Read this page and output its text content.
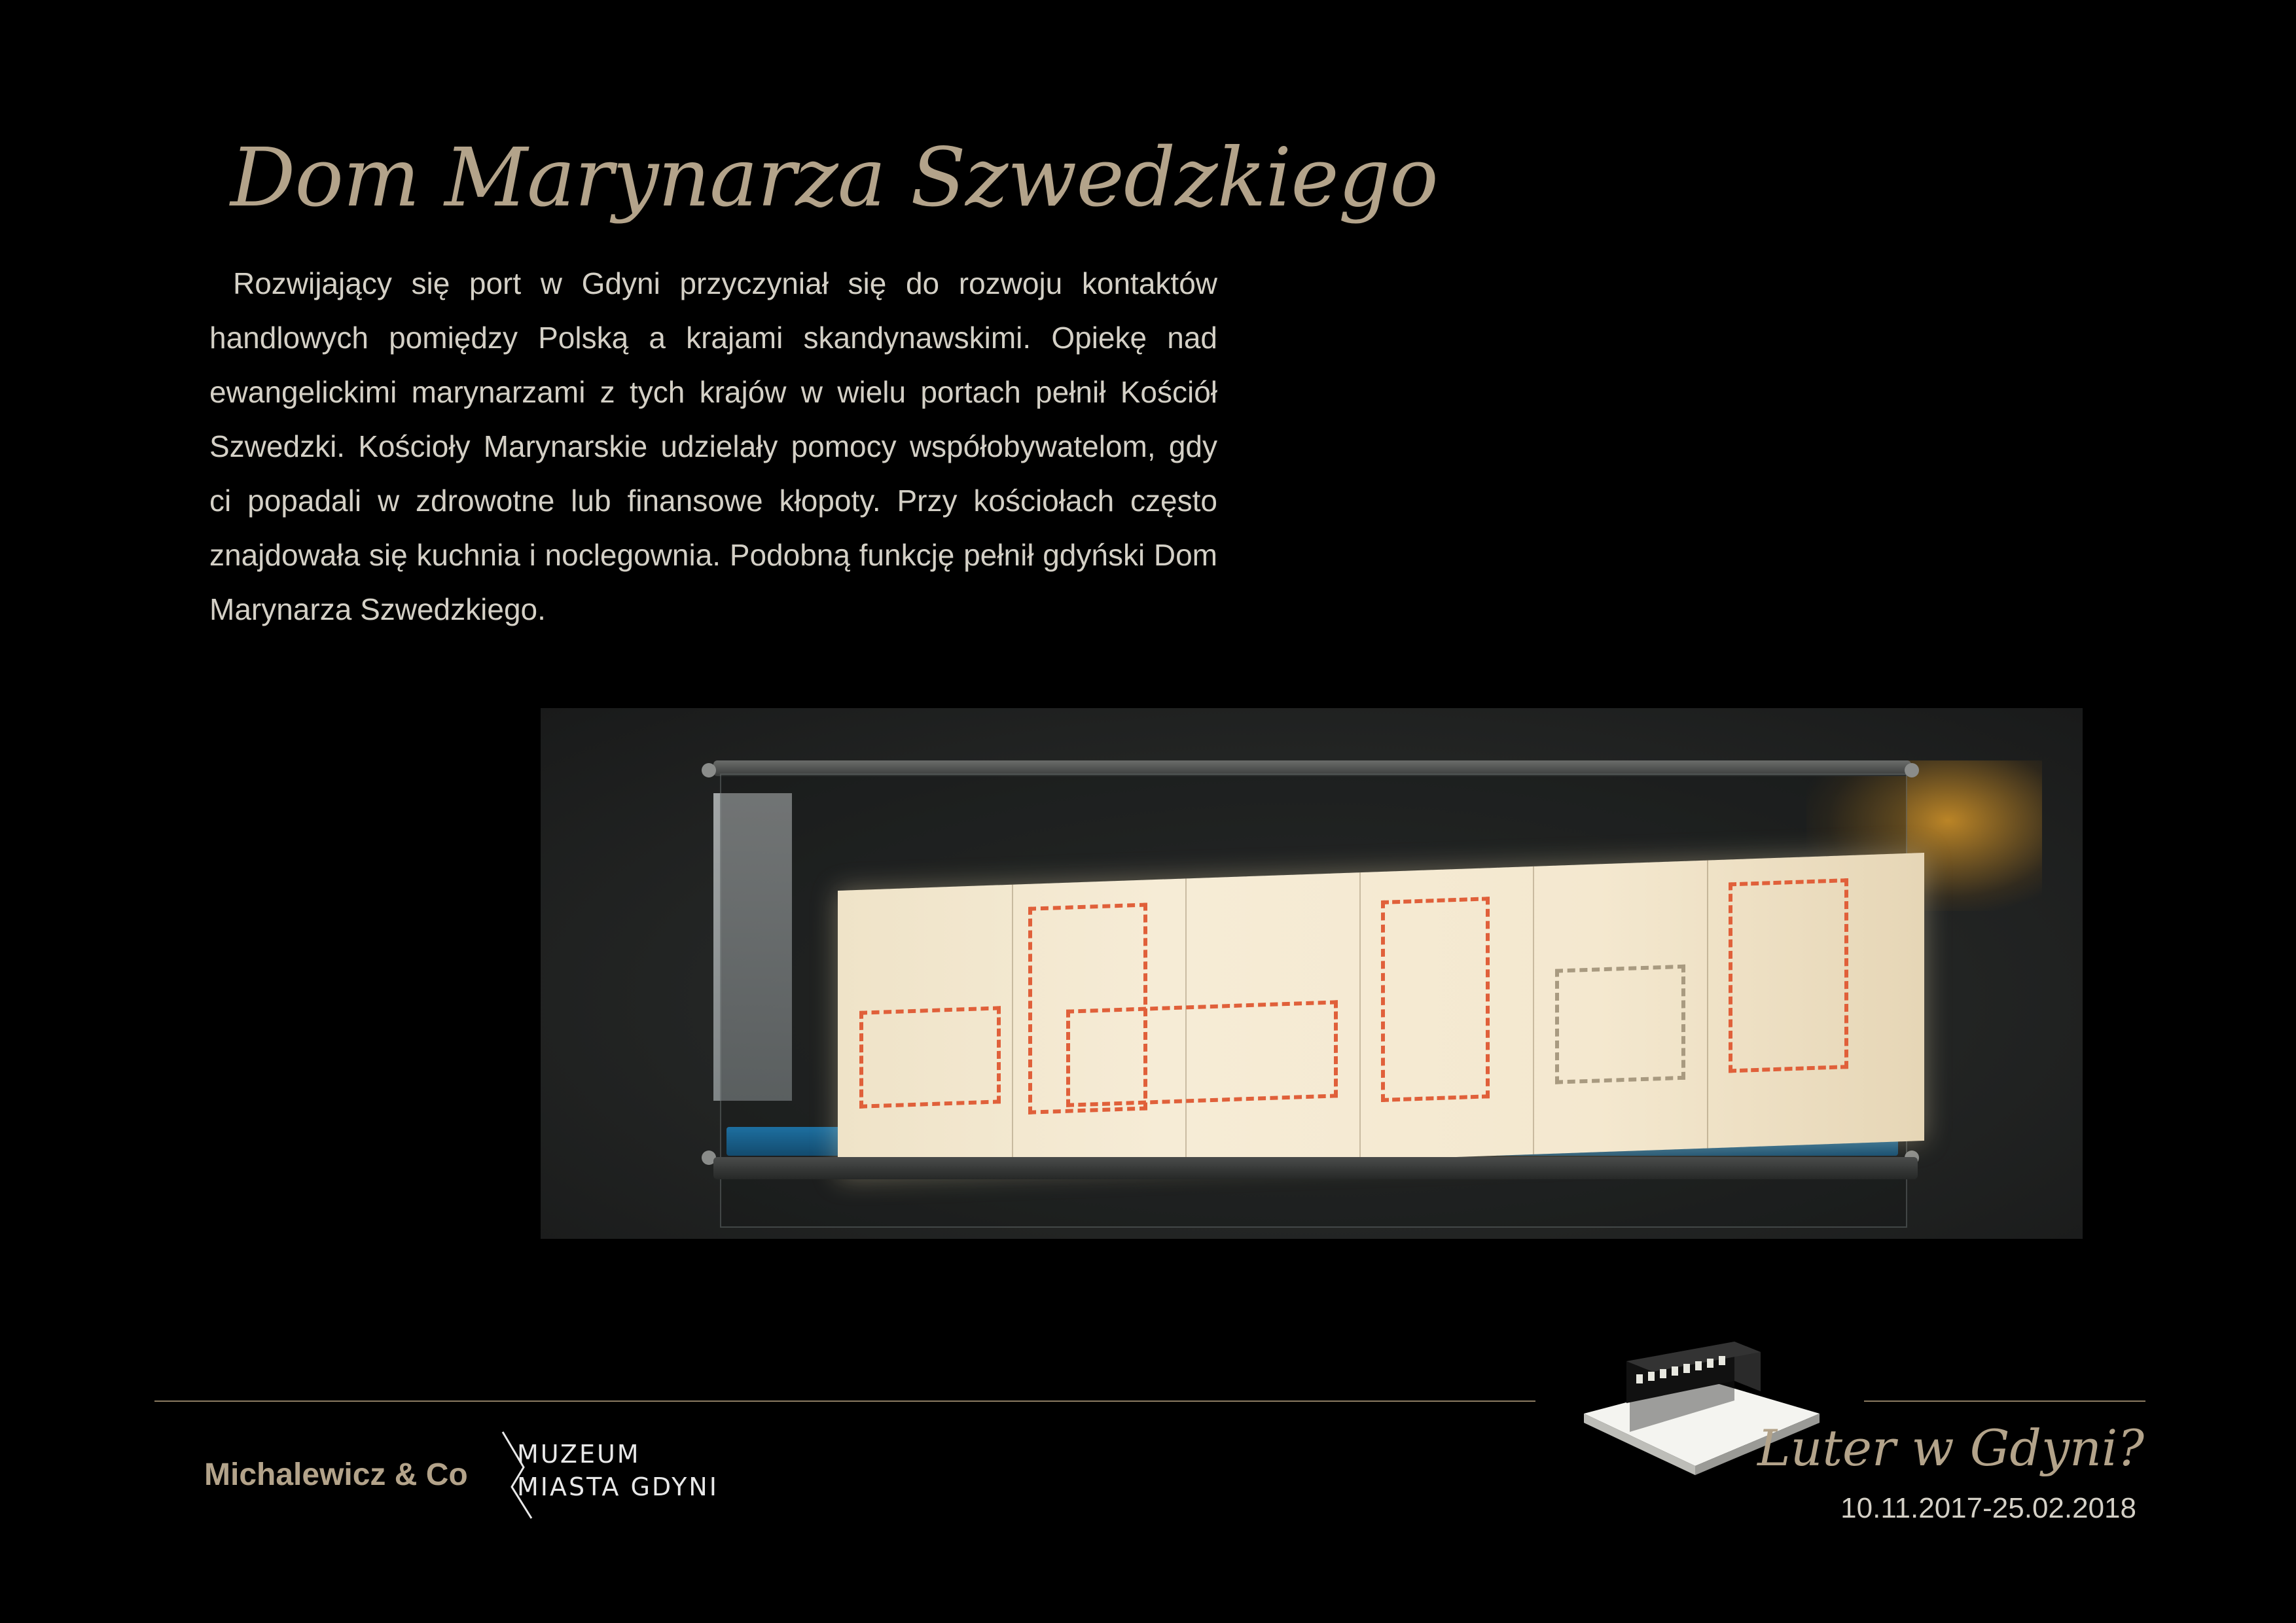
Dom Marynarza Szwedzkiego

Rozwijający się port w Gdyni przyczyniał się do rozwoju kontaktów handlowych pomiędzy Polską a krajami skandynawskimi. Opiekę nad ewangelickimi marynarzami z tych krajów w wielu portach pełnił Kościół Szwedzki. Kościoły Marynarskie udzielały pomocy współobywatelom, gdy ci popadali w zdrowotne lub finansowe kłopoty. Przy kościołach często znajdowała się kuchnia i noclegownia. Podobną funkcję pełnił gdyński Dom Marynarza Szwedzkiego.

Michalewicz & Co
MUZEUM
MIASTA GDYNI
Luter w Gdyni?
10.11.2017-25.02.2018
